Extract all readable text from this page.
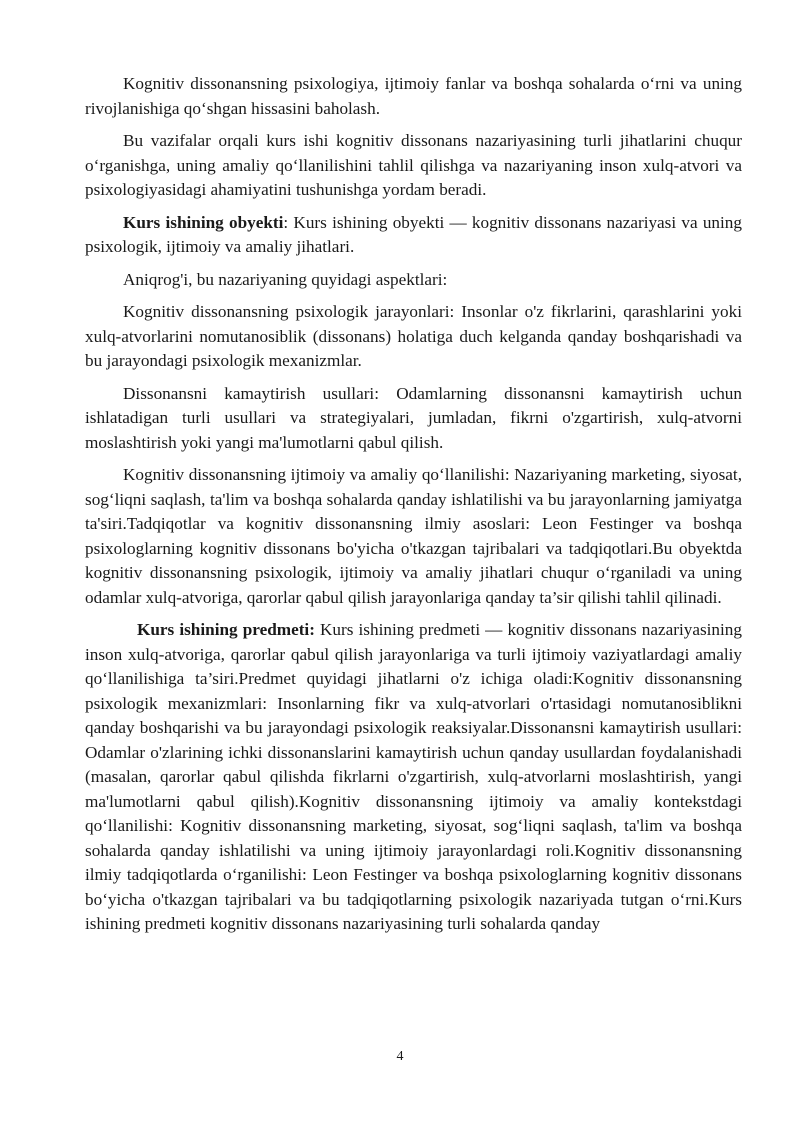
Kognitiv dissonansning psixologiya, ijtimoiy fanlar va boshqa sohalarda o‘rni va uning rivojlanishiga qo‘shgan hissasini baholash.

Bu vazifalar orqali kurs ishi kognitiv dissonans nazariyasining turli jihatlarini chuqur o‘rganishga, uning amaliy qo‘llanilishini tahlil qilishga va nazariyaning inson xulq-atvori va psixologiyasidagi ahamiyatini tushunishga yordam beradi.

Kurs ishining obyekti: Kurs ishining obyekti — kognitiv dissonans nazariyasi va uning psixologik, ijtimoiy va amaliy jihatlari.

Aniqrog'i, bu nazariyaning quyidagi aspektlari:

Kognitiv dissonansning psixologik jarayonlari: Insonlar o'z fikrlarini, qarashlarini yoki xulq-atvorlarini nomutanosiblik (dissonans) holatiga duch kelganda qanday boshqarishadi va bu jarayondagi psixologik mexanizmlar.

Dissonansni kamaytirish usullari: Odamlarning dissonansni kamaytirish uchun ishlatadigan turli usullari va strategiyalari, jumladan, fikrni o'zgartirish, xulq-atvorni moslashtirish yoki yangi ma'lumotlarni qabul qilish.

Kognitiv dissonansning ijtimoiy va amaliy qo‘llanilishi: Nazariyaning marketing, siyosat, sog‘liqni saqlash, ta'lim va boshqa sohalarda qanday ishlatilishi va bu jarayonlarning jamiyatga ta'siri.Tadqiqotlar va kognitiv dissonansning ilmiy asoslari: Leon Festinger va boshqa psixologlarning kognitiv dissonans bo'yicha o'tkazgan tajribalari va tadqiqotlari.Bu obyektda kognitiv dissonansning psixologik, ijtimoiy va amaliy jihatlari chuqur o‘rganiladi va uning odamlar xulq-atvoriga, qarorlar qabul qilish jarayonlariga qanday ta’sir qilishi tahlil qilinadi.

Kurs ishining predmeti: Kurs ishining predmeti — kognitiv dissonans nazariyasining inson xulq-atvoriga, qarorlar qabul qilish jarayonlariga va turli ijtimoiy vaziyatlardagi amaliy qo‘llanilishiga ta’siri.Predmet quyidagi jihatlarni o'z ichiga oladi:Kognitiv dissonansning psixologik mexanizmlari: Insonlarning fikr va xulq-atvorlari o'rtasidagi nomutanosiblikni qanday boshqarishi va bu jarayondagi psixologik reaksiyalar.Dissonansni kamaytirish usullari: Odamlar o'zlarining ichki dissonanslarini kamaytirish uchun qanday usullardan foydalanishadi (masalan, qarorlar qabul qilishda fikrlarni o'zgartirish, xulq-atvorlarni moslashtirish, yangi ma'lumotlarni qabul qilish).Kognitiv dissonansning ijtimoiy va amaliy kontekstdagi qo‘llanilishi: Kognitiv dissonansning marketing, siyosat, sog‘liqni saqlash, ta'lim va boshqa sohalarda qanday ishlatilishi va uning ijtimoiy jarayonlardagi roli.Kognitiv dissonansning ilmiy tadqiqotlarda o‘rganilishi: Leon Festinger va boshqa psixologlarning kognitiv dissonans bo‘yicha o'tkazgan tajribalari va bu tadqiqotlarning psixologik nazariyada tutgan o‘rni.Kurs ishining predmeti kognitiv dissonans nazariyasining turli sohalarda qanday

4
